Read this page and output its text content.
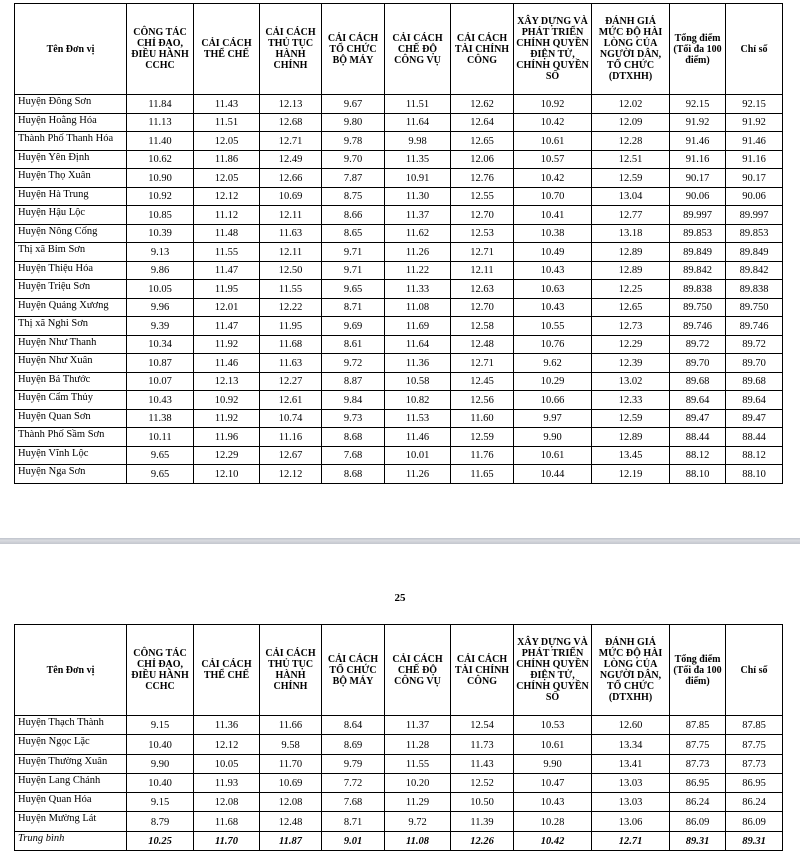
Tên Đơn vị	CÔNG TÁC CHỈ ĐẠO, ĐIỀU HÀNH CCHC	CẢI CÁCH THỂ CHẾ	CẢI CÁCH THỦ TỤC HÀNH CHÍNH	CẢI CÁCH TỔ CHỨC BỘ MÁY	CẢI CÁCH CHẾ ĐỘ CÔNG VỤ	CẢI CÁCH TÀI CHÍNH CÔNG	XÂY DỰNG VÀ PHÁT TRIỂN CHÍNH QUYỀN ĐIỆN TỬ, CHÍNH QUYỀN SỐ	ĐÁNH GIÁ MỨC ĐỘ HÀI LÒNG CỦA NGƯỜI DÂN, TỔ CHỨC (DTXHH)	Tổng điểm (Tối đa 100 điểm)	Chỉ số
Huyện Đông Sơn	11.84	11.43	12.13	9.67	11.51	12.62	10.92	12.02	92.15	92.15
Huyện Hoằng Hóa	11.13	11.51	12.68	9.80	11.64	12.64	10.42	12.09	91.92	91.92
Thành Phố Thanh Hóa	11.40	12.05	12.71	9.78	9.98	12.65	10.61	12.28	91.46	91.46
Huyện Yên Định	10.62	11.86	12.49	9.70	11.35	12.06	10.57	12.51	91.16	91.16
Huyện Thọ Xuân	10.90	12.05	12.66	7.87	10.91	12.76	10.42	12.59	90.17	90.17
Huyện Hà Trung	10.92	12.12	10.69	8.75	11.30	12.55	10.70	13.04	90.06	90.06
Huyện Hậu Lộc	10.85	11.12	12.11	8.66	11.37	12.70	10.41	12.77	89.997	89.997
Huyện Nông Cống	10.39	11.48	11.63	8.65	11.62	12.53	10.38	13.18	89.853	89.853
Thị xã Bỉm Sơn	9.13	11.55	12.11	9.71	11.26	12.71	10.49	12.89	89.849	89.849
Huyện Thiệu Hóa	9.86	11.47	12.50	9.71	11.22	12.11	10.43	12.89	89.842	89.842
Huyện Triệu Sơn	10.05	11.95	11.55	9.65	11.33	12.63	10.63	12.25	89.838	89.838
Huyện Quảng Xương	9.96	12.01	12.22	8.71	11.08	12.70	10.43	12.65	89.750	89.750
Thị xã Nghi Sơn	9.39	11.47	11.95	9.69	11.69	12.58	10.55	12.73	89.746	89.746
Huyện Như Thanh	10.34	11.92	11.68	8.61	11.64	12.48	10.76	12.29	89.72	89.72
Huyện Như Xuân	10.87	11.46	11.63	9.72	11.36	12.71	9.62	12.39	89.70	89.70
Huyện Bá Thước	10.07	12.13	12.27	8.87	10.58	12.45	10.29	13.02	89.68	89.68
Huyện Cẩm Thủy	10.43	10.92	12.61	9.84	10.82	12.56	10.66	12.33	89.64	89.64
Huyện Quan Sơn	11.38	11.92	10.74	9.73	11.53	11.60	9.97	12.59	89.47	89.47
Thành Phố Sầm Sơn	10.11	11.96	11.16	8.68	11.46	12.59	9.90	12.89	88.44	88.44
Huyện Vĩnh Lộc	9.65	12.29	12.67	7.68	10.01	11.76	10.61	13.45	88.12	88.12
Huyện Nga Sơn	9.65	12.10	12.12	8.68	11.26	11.65	10.44	12.19	88.10	88.10
25
Tên Đơn vị	CÔNG TÁC CHỈ ĐẠO, ĐIỀU HÀNH CCHC	CẢI CÁCH THỂ CHẾ	CẢI CÁCH THỦ TỤC HÀNH CHÍNH	CẢI CÁCH TỔ CHỨC BỘ MÁY	CẢI CÁCH CHẾ ĐỘ CÔNG VỤ	CẢI CÁCH TÀI CHÍNH CÔNG	XÂY DỰNG VÀ PHÁT TRIỂN CHÍNH QUYỀN ĐIỆN TỬ, CHÍNH QUYỀN SỐ	ĐÁNH GIÁ MỨC ĐỘ HÀI LÒNG CỦA NGƯỜI DÂN, TỔ CHỨC (DTXHH)	Tổng điểm (Tối đa 100 điểm)	Chỉ số
Huyện Thạch Thành	9.15	11.36	11.66	8.64	11.37	12.54	10.53	12.60	87.85	87.85
Huyện Ngọc Lặc	10.40	12.12	9.58	8.69	11.28	11.73	10.61	13.34	87.75	87.75
Huyện Thường Xuân	9.90	10.05	11.70	9.79	11.55	11.43	9.90	13.41	87.73	87.73
Huyện Lang Chánh	10.40	11.93	10.69	7.72	10.20	12.52	10.47	13.03	86.95	86.95
Huyện Quan Hóa	9.15	12.08	12.08	7.68	11.29	10.50	10.43	13.03	86.24	86.24
Huyện Mường Lát	8.79	11.68	12.48	8.71	9.72	11.39	10.28	13.06	86.09	86.09
Trung bình	10.25	11.70	11.87	9.01	11.08	12.26	10.42	12.71	89.31	89.31
